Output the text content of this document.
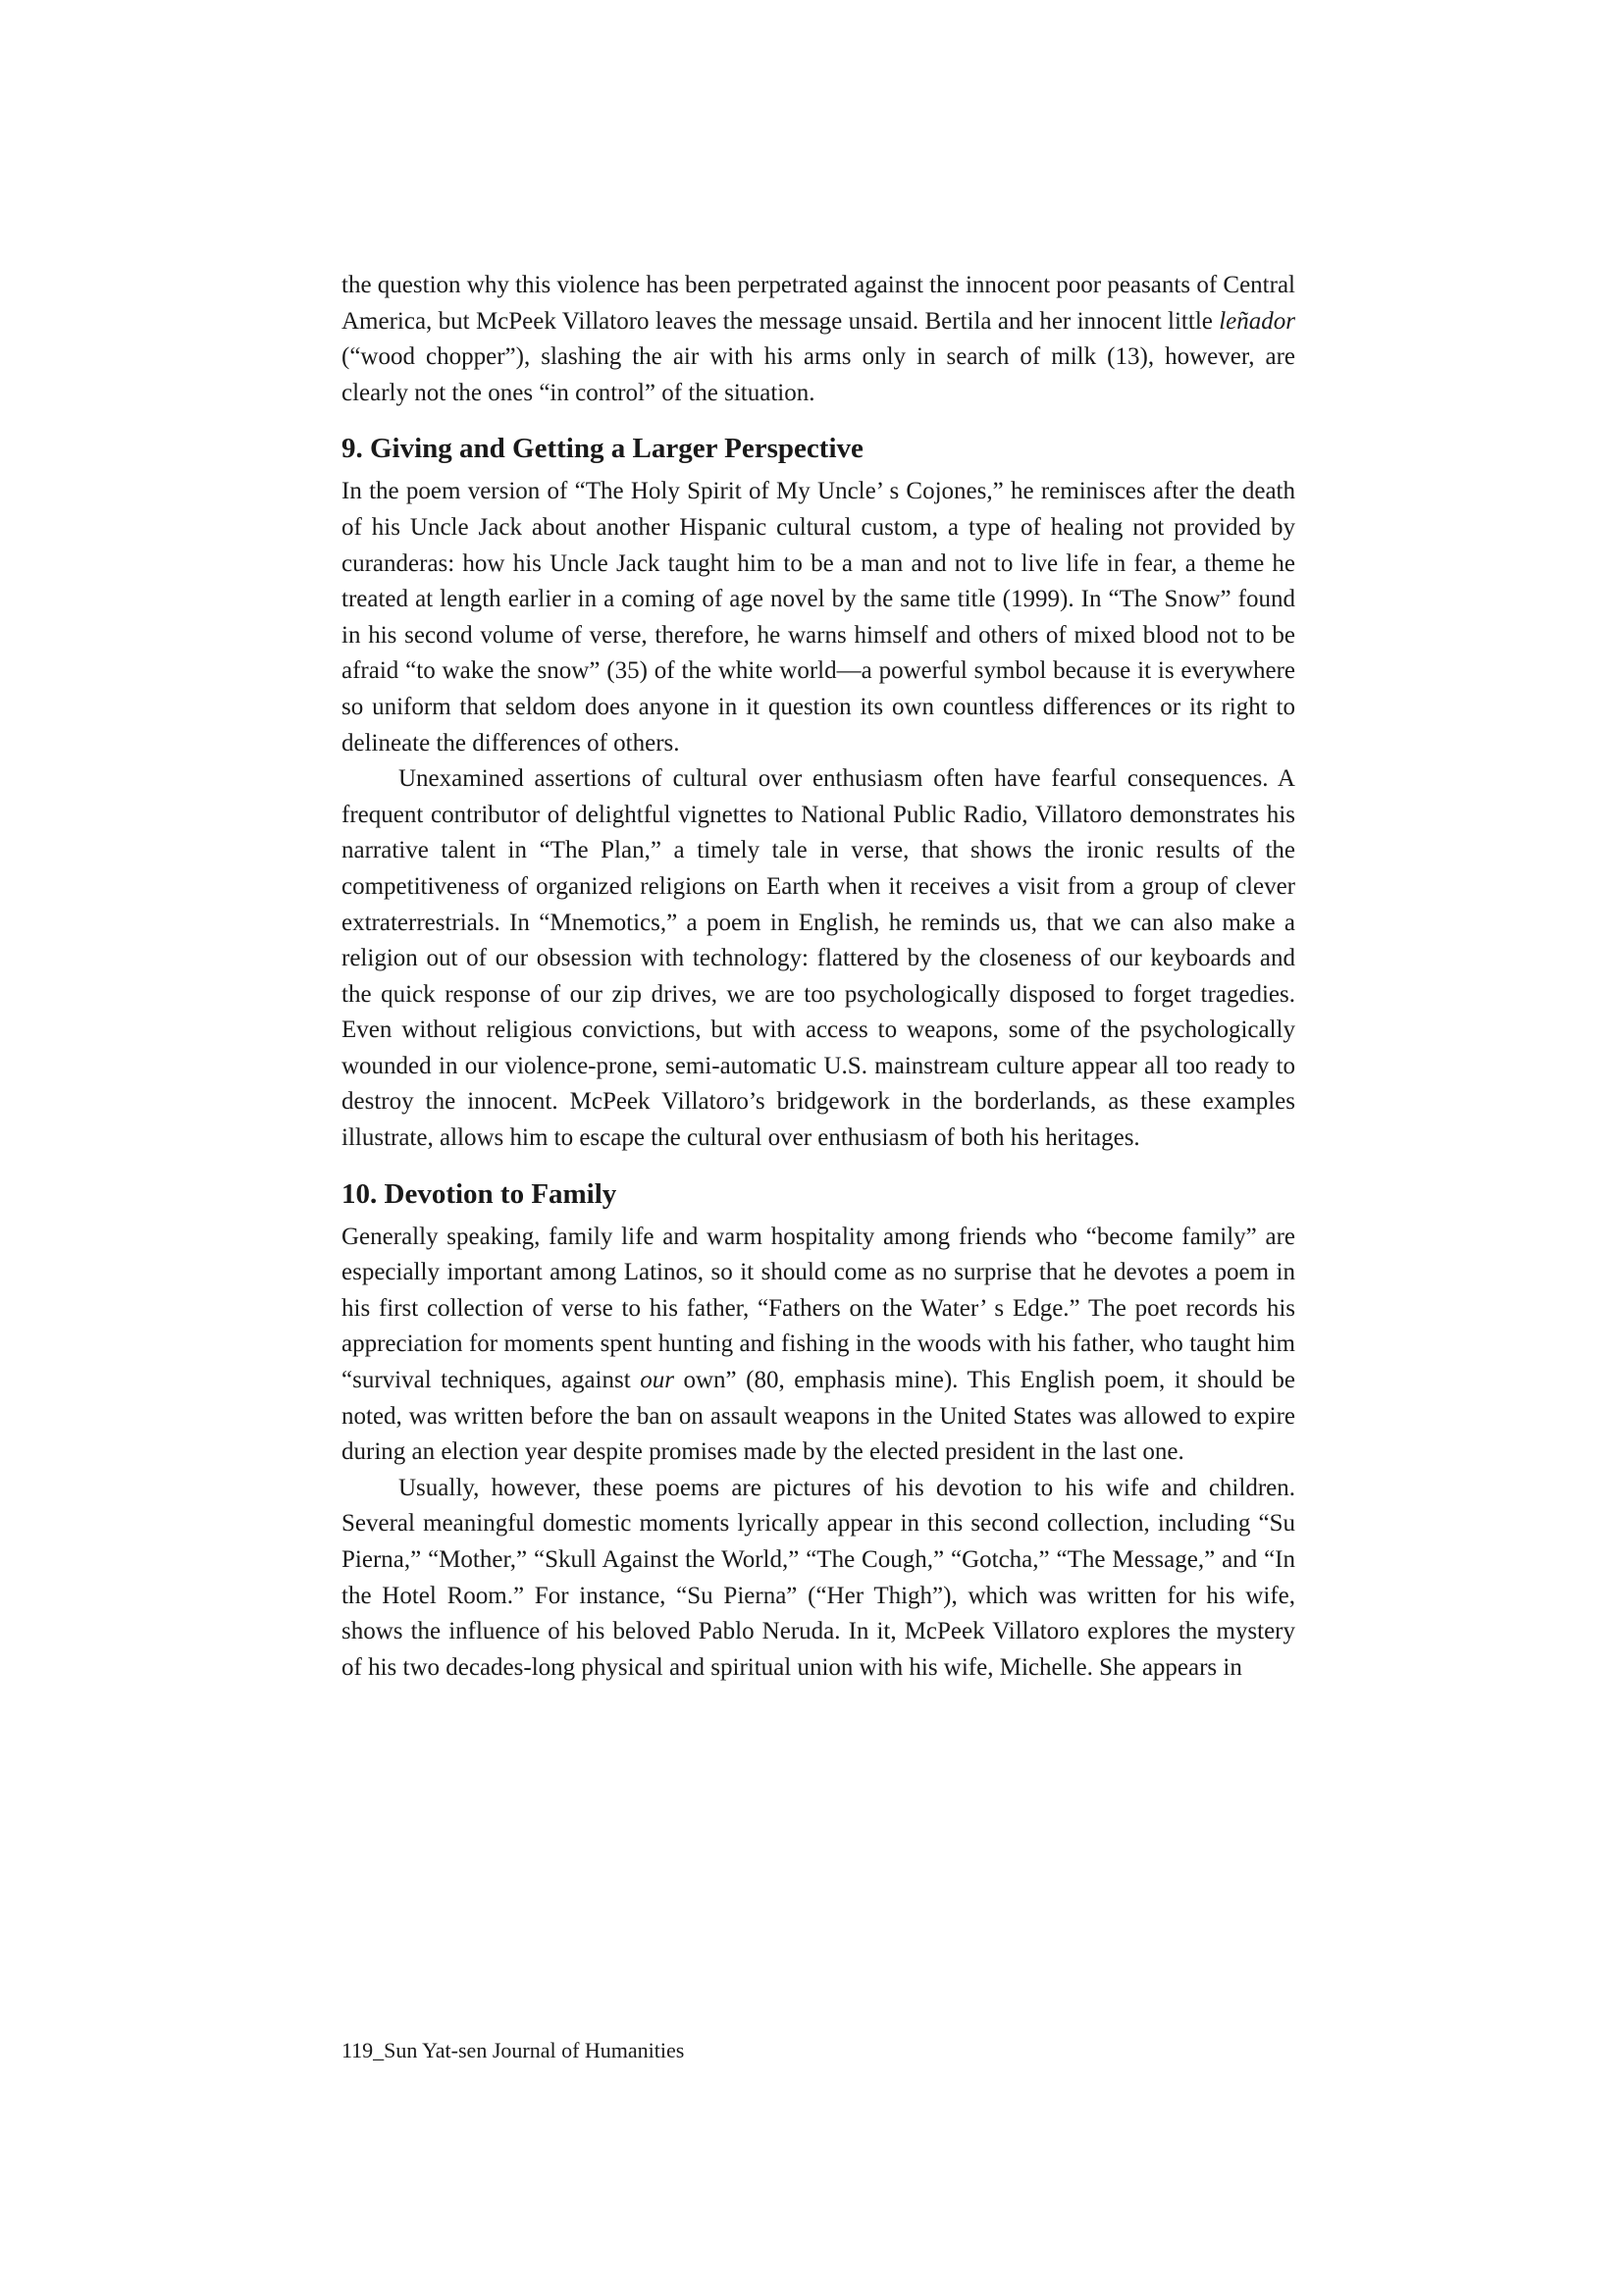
the question why this violence has been perpetrated against the innocent poor peasants of Central America, but McPeek Villatoro leaves the message unsaid. Bertila and her innocent little leñador (“wood chopper”), slashing the air with his arms only in search of milk (13), however, are clearly not the ones “in control” of the situation.

9. Giving and Getting a Larger Perspective

In the poem version of “The Holy Spirit of My Uncle’ s Cojones,” he reminisces after the death of his Uncle Jack about another Hispanic cultural custom, a type of healing not provided by curanderas: how his Uncle Jack taught him to be a man and not to live life in fear, a theme he treated at length earlier in a coming of age novel by the same title (1999). In “The Snow” found in his second volume of verse, therefore, he warns himself and others of mixed blood not to be afraid “to wake the snow” (35) of the white world—a powerful symbol because it is everywhere so uniform that seldom does anyone in it question its own countless differences or its right to delineate the differences of others.

Unexamined assertions of cultural over enthusiasm often have fearful consequences. A frequent contributor of delightful vignettes to National Public Radio, Villatoro demonstrates his narrative talent in “The Plan,” a timely tale in verse, that shows the ironic results of the competitiveness of organized religions on Earth when it receives a visit from a group of clever extraterrestrials. In “Mnemotics,” a poem in English, he reminds us, that we can also make a religion out of our obsession with technology: flattered by the closeness of our keyboards and the quick response of our zip drives, we are too psychologically disposed to forget tragedies. Even without religious convictions, but with access to weapons, some of the psychologically wounded in our violence-prone, semi-automatic U.S. mainstream culture appear all too ready to destroy the innocent. McPeek Villatoro’s bridgework in the borderlands, as these examples illustrate, allows him to escape the cultural over enthusiasm of both his heritages.

10. Devotion to Family

Generally speaking, family life and warm hospitality among friends who “become family” are especially important among Latinos, so it should come as no surprise that he devotes a poem in his first collection of verse to his father, “Fathers on the Water’ s Edge.” The poet records his appreciation for moments spent hunting and fishing in the woods with his father, who taught him “survival techniques, against our own” (80, emphasis mine). This English poem, it should be noted, was written before the ban on assault weapons in the United States was allowed to expire during an election year despite promises made by the elected president in the last one.

Usually, however, these poems are pictures of his devotion to his wife and children. Several meaningful domestic moments lyrically appear in this second collection, including “Su Pierna,” “Mother,” “Skull Against the World,” “The Cough,” “Gotcha,” “The Message,” and “In the Hotel Room.” For instance, “Su Pierna” (“Her Thigh”), which was written for his wife, shows the influence of his beloved Pablo Neruda. In it, McPeek Villatoro explores the mystery of his two decades-long physical and spiritual union with his wife, Michelle. She appears in

119_Sun Yat-sen Journal of Humanities
